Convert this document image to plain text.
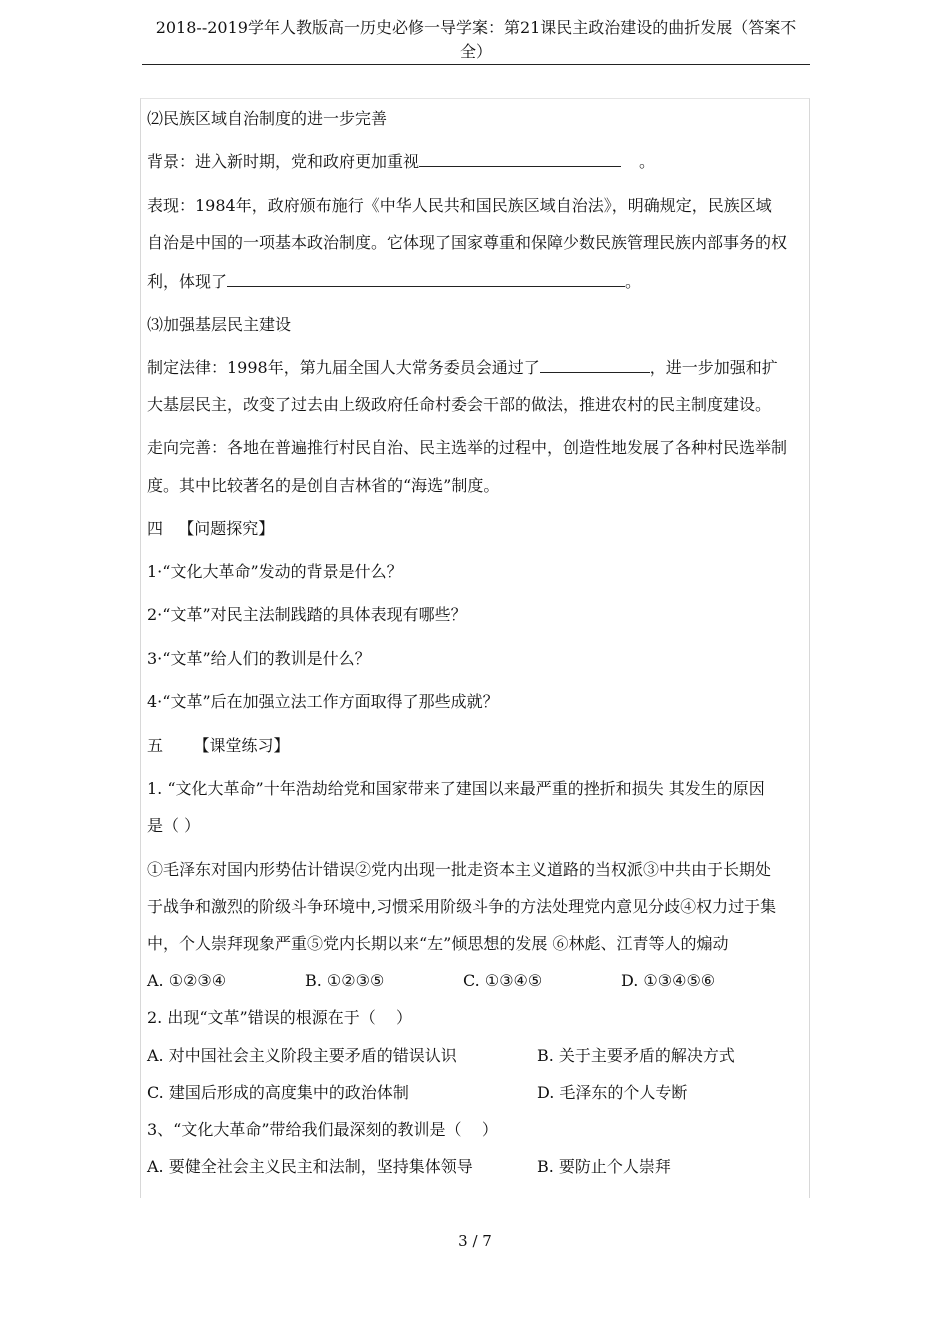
2018--2019学年人教版高一历史必修一导学案：第21课民主政治建设的曲折发展（答案不
全）
⑵民族区域自治制度的进一步完善
背景：进入新时期，党和政府更加重视	。
表现：1984年，政府颁布施行《中华人民共和国民族区域自治法》，明确规定，民族区域
自治是中国的一项基本政治制度。它体现了国家尊重和保障少数民族管理民族内部事务的权
利，体现了	。
⑶加强基层民主建设
制定法律：1998年，第九届全国人大常务委员会通过了	，进一步加强和扩
大基层民主，改变了过去由上级政府任命村委会干部的做法，推进农村的民主制度建设。
走向完善：各地在普遍推行村民自治、民主选举的过程中，创造性地发展了各种村民选举制
度。其中比较著名的是创自吉林省的“海选”制度。
四   【问题探究】
1·“文化大革命”发动的背景是什么？
2·“文革”对民主法制践踏的具体表现有哪些？
3·“文革”给人们的教训是什么？
4·“文革”后在加强立法工作方面取得了那些成就？
五      【课堂练习】
1. “文化大革命”十年浩劫给党和国家带来了建国以来最严重的挫折和损失 其发生的原因
是（ ）
①毛泽东对国内形势估计错误②党内出现一批走资本主义道路的当权派③中共由于长期处
于战争和激烈的阶级斗争环境中,习惯采用阶级斗争的方法处理党内意见分歧④权力过于集
中，个人崇拜现象严重⑤党内长期以来“左”倾思想的发展 ⑥林彪、江青等人的煽动
A. ①②③④	B. ①②③⑤	C. ①③④⑤	D. ①③④⑤⑥
2. 出现“文革”错误的根源在于（    ）
A. 对中国社会主义阶段主要矛盾的错误认识	B. 关于主要矛盾的解决方式
C. 建国后形成的高度集中的政治体制	D. 毛泽东的个人专断
3、“文化大革命”带给我们最深刻的教训是（    ）
A. 要健全社会主义民主和法制，坚持集体领导	B. 要防止个人崇拜
3 / 7
